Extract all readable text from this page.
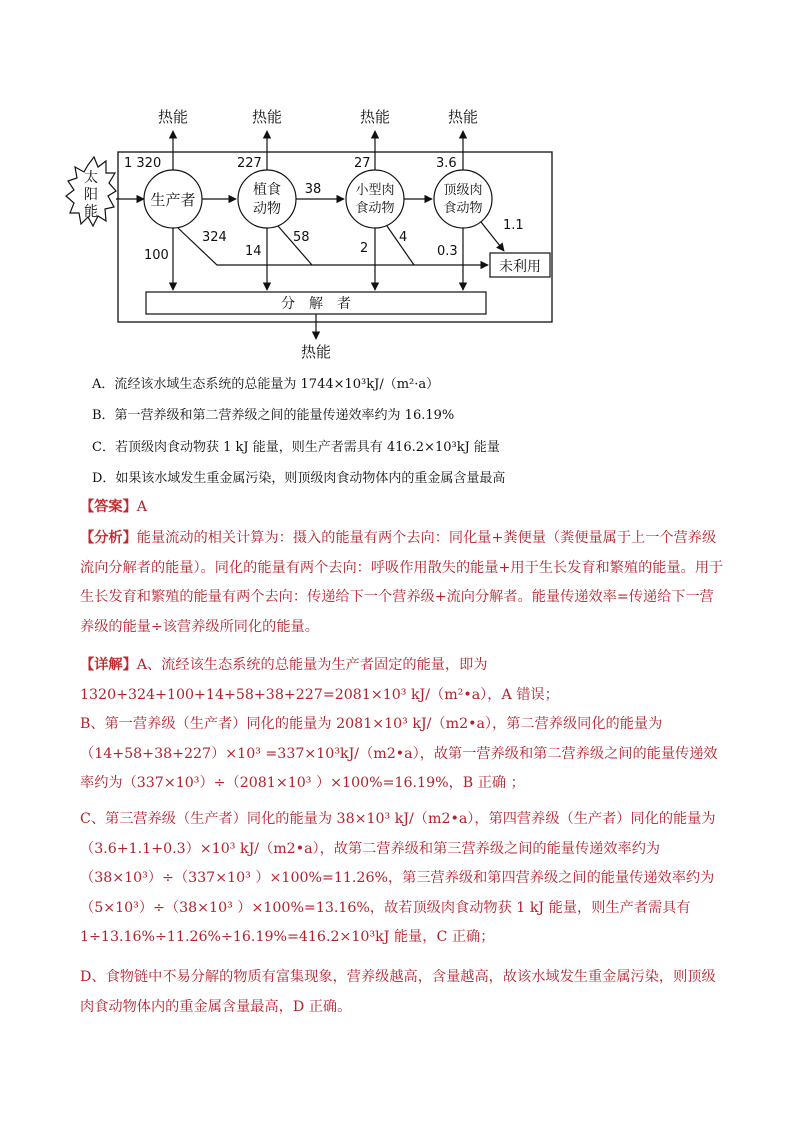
太
阳
能
生产者
植食
动物
小型肉
食动物
顶级肉
食动物
38
热能	热能	热能	热能
1 320	227	27	3.6
未利用
100
324
14
58
2
4
0.3
1.1
分　解　者
热能
A．流经该水域生态系统的总能量为 1744×10³kJ/（m²·a）
B．第一营养级和第二营养级之间的能量传递效率约为 16.19%
C．若顶级肉食动物获 1 kJ 能量，则生产者需具有 416.2×10³kJ 能量
D．如果该水域发生重金属污染，则顶级肉食动物体内的重金属含量最高
【答案】A
【分析】能量流动的相关计算为：摄入的能量有两个去向：同化量+粪便量（粪便量属于上一个营养级流向分解者的能量）。同化的能量有两个去向：呼吸作用散失的能量+用于生长发育和繁殖的能量。用于生长发育和繁殖的能量有两个去向：传递给下一个营养级+流向分解者。能量传递效率=传递给下一营养级的能量÷该营养级所同化的能量。
【详解】A、流经该生态系统的总能量为生产者固定的能量，即为 1320+324+100+14+58+38+227=2081×10³ kJ/（m²•a），A 错误；
B、第一营养级（生产者）同化的能量为 2081×10³ kJ/（m2•a），第二营养级同化的能量为（14+58+38+227）×10³ =337×10³kJ/（m2•a），故第一营养级和第二营养级之间的能量传递效率约为（337×10³）÷（2081×10³ ）×100%=16.19%，B 正确 ；
C、第三营养级（生产者）同化的能量为 38×10³ kJ/（m2•a），第四营养级（生产者）同化的能量为（3.6+1.1+0.3）×10³ kJ/（m2•a），故第二营养级和第三营养级之间的能量传递效率约为（38×10³）÷（337×10³ ）×100%=11.26%，第三营养级和第四营养级之间的能量传递效率约为（5×10³）÷（38×10³ ）×100%=13.16%，故若顶级肉食动物获 1 kJ 能量，则生产者需具有 1÷13.16%÷11.26%÷16.19%=416.2×10³kJ 能量，C 正确；
D、食物链中不易分解的物质有富集现象，营养级越高，含量越高，故该水域发生重金属污染，则顶级肉食动物体内的重金属含量最高，D 正确。
